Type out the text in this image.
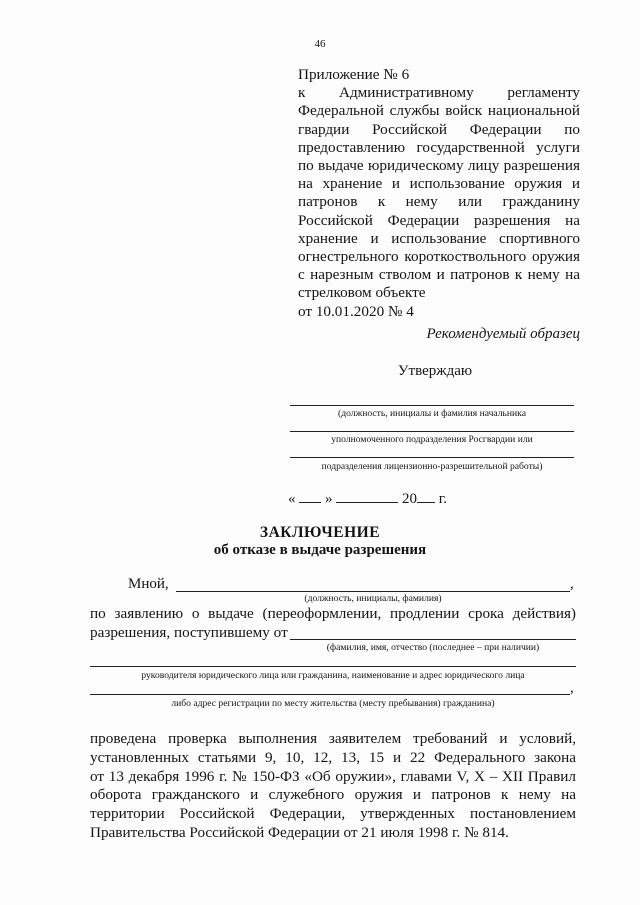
46
Приложение № 6
к Административному регламенту
Федеральной службы войск национальной
гвардии Российской Федерации по
предоставлению государственной услуги
по выдаче юридическому лицу разрешения
на хранение и использование оружия и
патронов к нему или гражданину
Российской Федерации разрешения на
хранение и использование спортивного
огнестрельного короткоствольного оружия
с нарезным стволом и патронов к нему на
стрелковом объекте
от 10.01.2020 № 4
Рекомендуемый образец
Утверждаю
(должность, инициалы и фамилия начальника
уполномоченного подразделения Росгвардии или
подразделения лицензионно-разрешительной работы)
« »	20 г.
ЗАКЛЮЧЕНИЕ
об отказе в выдаче разрешения
Мной,	,
(должность, инициалы, фамилия)
по заявлению о выдаче (переоформлении, продлении срока действия)
разрешения, поступившему от
(фамилия, имя, отчество (последнее – при наличии)
руководителя юридического лица или гражданина, наименование и адрес юридического лица
,
либо адрес регистрации по месту жительства (месту пребывания) гражданина)
проведена проверка выполнения заявителем требований и условий,
установленных статьями 9, 10, 12, 13, 15 и 22 Федерального закона
от 13 декабря 1996 г. № 150-ФЗ «Об оружии», главами V, X – XII Правил
оборота гражданского и служебного оружия и патронов к нему на
территории Российской Федерации, утвержденных постановлением
Правительства Российской Федерации от 21 июля 1998 г. № 814.
